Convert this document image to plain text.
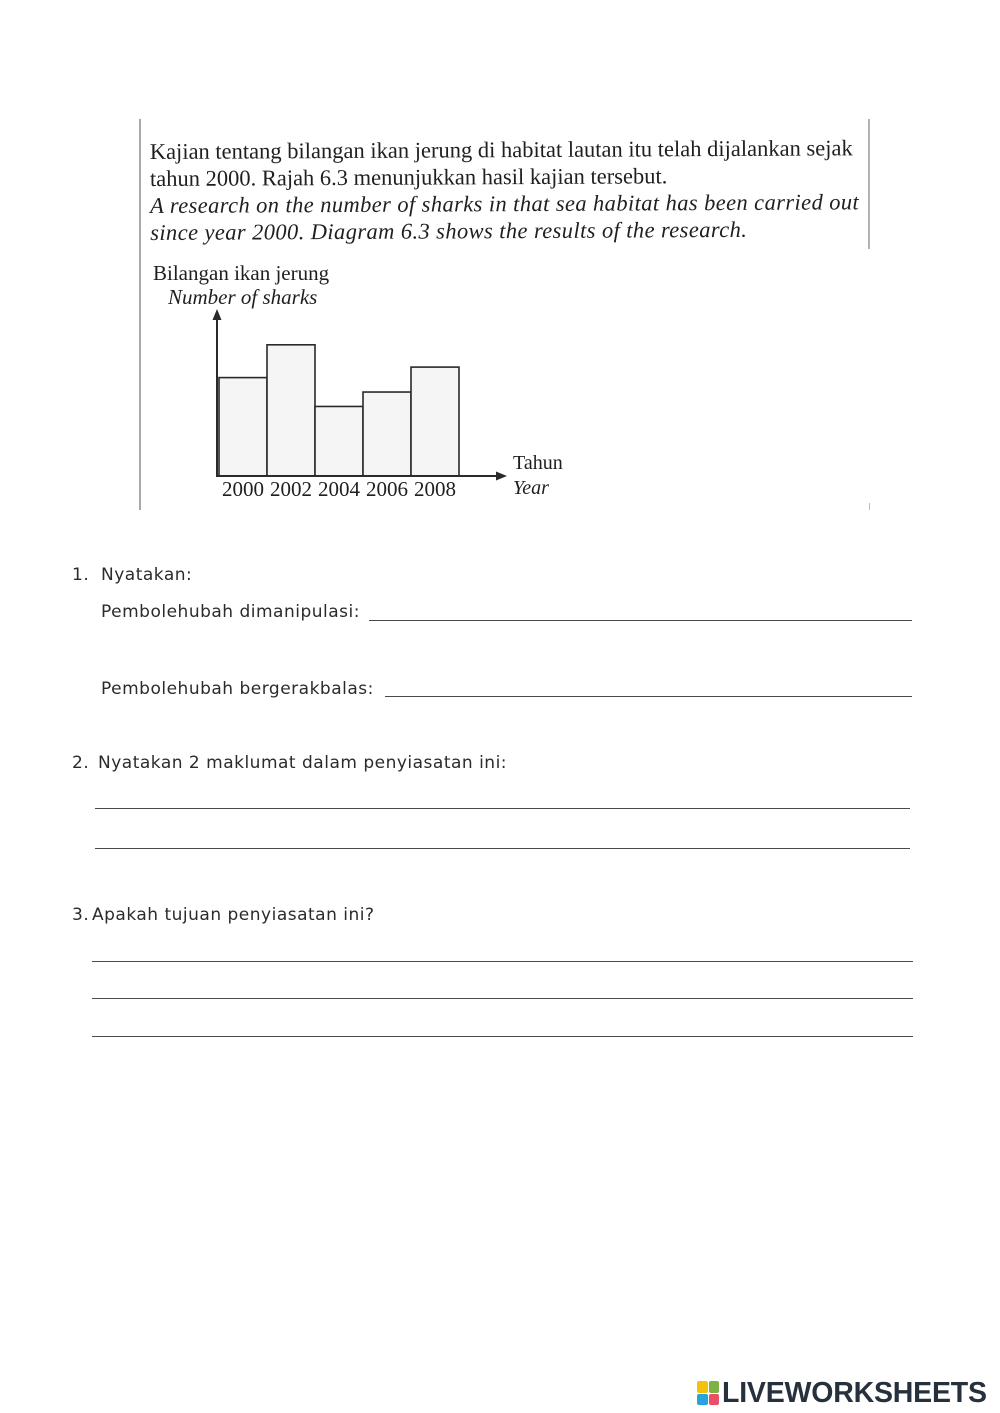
Kajian tentang bilangan ikan jerung di habitat lautan itu telah dijalankan sejak
tahun 2000. Rajah 6.3 menunjukkan hasil kajian tersebut.
A research on the number of sharks in that sea habitat has been carried out
since year 2000. Diagram 6.3 shows the results of the research.
Bilangan ikan jerung
Number of sharks
Tahun
Year
2000 2002 2004 2006 2008
1. Nyatakan:
Pembolehubah dimanipulasi:
Pembolehubah bergerakbalas:
2. Nyatakan 2 maklumat dalam penyiasatan ini:
3. Apakah tujuan penyiasatan ini?
LIVEWORKSHEETS
